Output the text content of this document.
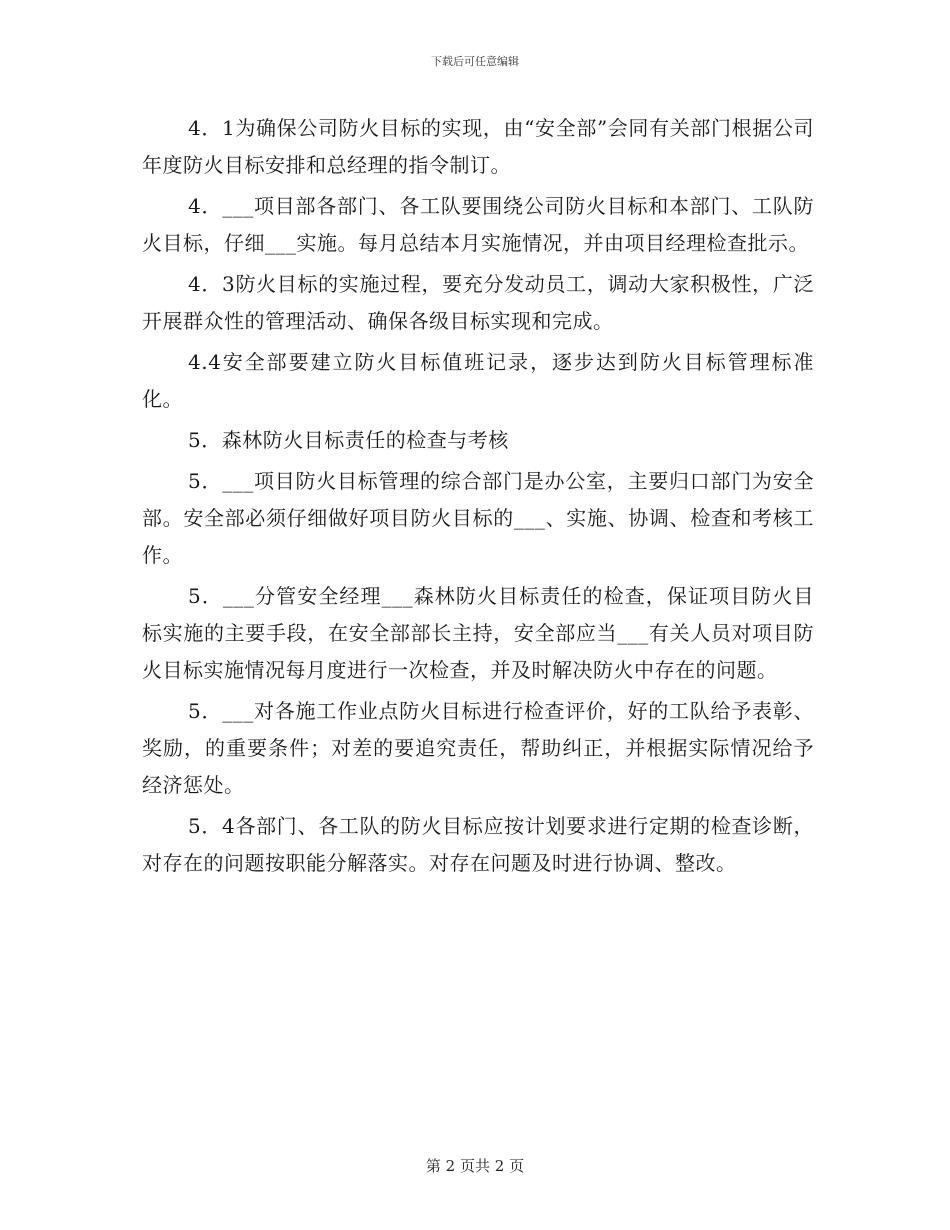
下载后可任意编辑

4．1为确保公司防火目标的实现，由“安全部”会同有关部门根据公司年度防火目标安排和总经理的指令制订。

4．___项目部各部门、各工队要围绕公司防火目标和本部门、工队防火目标，仔细___实施。每月总结本月实施情况，并由项目经理检查批示。

4．3防火目标的实施过程，要充分发动员工，调动大家积极性，广泛开展群众性的管理活动、确保各级目标实现和完成。

4.4安全部要建立防火目标值班记录，逐步达到防火目标管理标准化。

5．森林防火目标责任的检查与考核

5．___项目防火目标管理的综合部门是办公室，主要归口部门为安全部。安全部必须仔细做好项目防火目标的___、实施、协调、检查和考核工作。

5．___分管安全经理___森林防火目标责任的检查，保证项目防火目标实施的主要手段，在安全部部长主持，安全部应当___有关人员对项目防火目标实施情况每月度进行一次检查，并及时解决防火中存在的问题。

5．___对各施工作业点防火目标进行检查评价，好的工队给予表彰、奖励，的重要条件；对差的要追究责任，帮助纠正，并根据实际情况给予经济惩处。

5．4各部门、各工队的防火目标应按计划要求进行定期的检查诊断，对存在的问题按职能分解落实。对存在问题及时进行协调、整改。

第 2 页共 2 页
